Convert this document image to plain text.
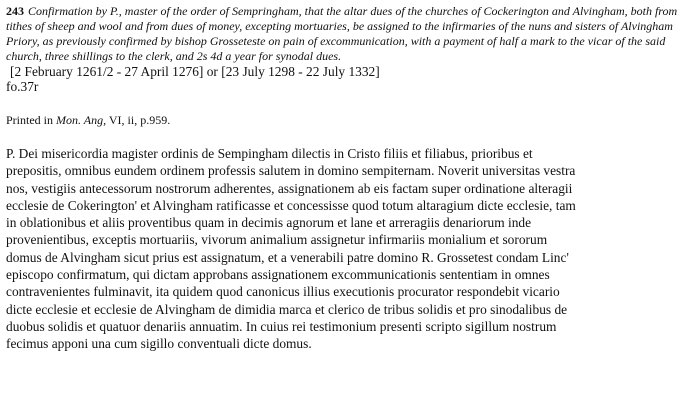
243 Confirmation by P., master of the order of Sempringham, that the altar dues of the churches of Cockerington and Alvingham, both from tithes of sheep and wool and from dues of money, excepting mortuaries, be assigned to the infirmaries of the nuns and sisters of Alvingham Priory, as previously confirmed by bishop Grosseteste on pain of excommunication, with a payment of half a mark to the vicar of the said church, three shillings to the clerk, and 2s 4d a year for synodal dues.

[2 February 1261/2 - 27 April 1276] or [23 July 1298 - 22 July 1332]

fo.37r

Printed in Mon. Ang, VI, ii, p.959.

P. Dei misericordia magister ordinis de Sempingham dilectis in Cristo filiis et filiabus, prioribus et
prepositis, omnibus eundem ordinem professis salutem in domino sempiternam. Noverit universitas vestra
nos, vestigiis antecessorum nostrorum adherentes, assignationem ab eis factam super ordinatione alteragii
ecclesie de Cokerington' et Alvingham ratificasse et concessisse quod totum altaragium dicte ecclesie, tam
in oblationibus et aliis proventibus quam in decimis agnorum et lane et arreragiis denariorum inde
provenientibus, exceptis mortuariis, vivorum animalium assignetur infirmariis monialium et sororum
domus de Alvingham sicut prius est assignatum, et a venerabili patre domino R. Grossetest condam Linc'
episcopo confirmatum, qui dictam approbans assignationem excommunicationis sententiam in omnes
contravenientes fulminavit, ita quidem quod canonicus illius executionis procurator respondebit vicario
dicte ecclesie et ecclesie de Alvingham de dimidia marca et clerico de tribus solidis et pro sinodalibus de
duobus solidis et quatuor denariis annuatim. In cuius rei testimonium presenti scripto sigillum nostrum
fecimus apponi una cum sigillo conventuali dicte domus.
